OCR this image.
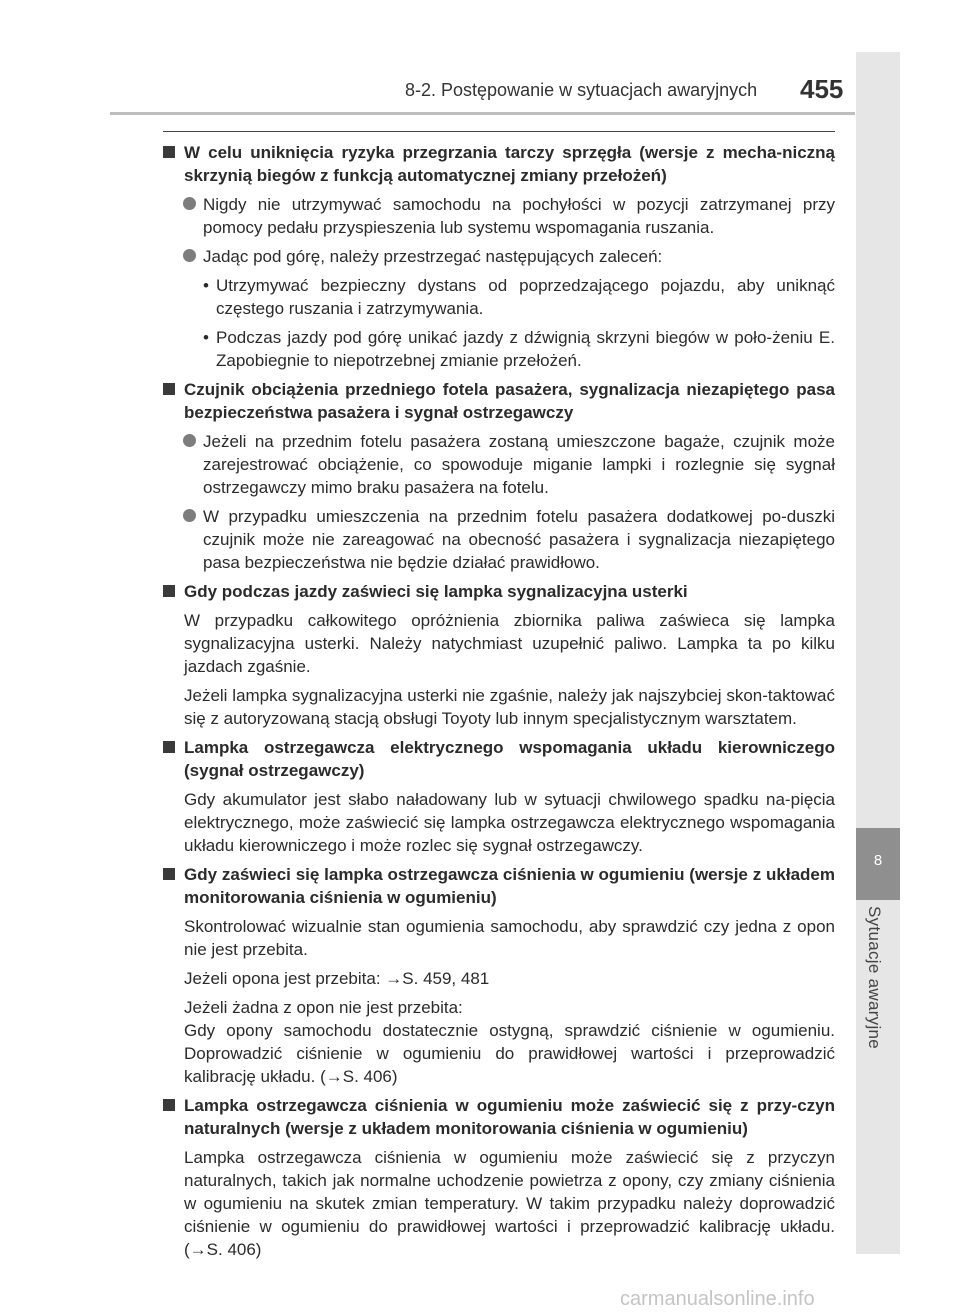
8-2. Postępowanie w sytuacjach awaryjnych 455
8
Sytuacje awaryjne
W celu uniknięcia ryzyka przegrzania tarczy sprzęgła (wersje z mecha-niczną skrzynią biegów z funkcją automatycznej zmiany przełożeń)
Nigdy nie utrzymywać samochodu na pochyłości w pozycji zatrzymanej przy pomocy pedału przyspieszenia lub systemu wspomagania ruszania.
Jadąc pod górę, należy przestrzegać następujących zaleceń:
• Utrzymywać bezpieczny dystans od poprzedzającego pojazdu, aby uniknąć częstego ruszania i zatrzymywania.
• Podczas jazdy pod górę unikać jazdy z dźwignią skrzyni biegów w poło-żeniu E. Zapobiegnie to niepotrzebnej zmianie przełożeń.
Czujnik obciążenia przedniego fotela pasażera, sygnalizacja niezapiętego pasa bezpieczeństwa pasażera i sygnał ostrzegawczy
Jeżeli na przednim fotelu pasażera zostaną umieszczone bagaże, czujnik może zarejestrować obciążenie, co spowoduje miganie lampki i rozlegnie się sygnał ostrzegawczy mimo braku pasażera na fotelu.
W przypadku umieszczenia na przednim fotelu pasażera dodatkowej po-duszki czujnik może nie zareagować na obecność pasażera i sygnalizacja niezapiętego pasa bezpieczeństwa nie będzie działać prawidłowo.
Gdy podczas jazdy zaświeci się lampka sygnalizacyjna usterki
W przypadku całkowitego opróżnienia zbiornika paliwa zaświeca się lampka sygnalizacyjna usterki. Należy natychmiast uzupełnić paliwo. Lampka ta po kilku jazdach zgaśnie.
Jeżeli lampka sygnalizacyjna usterki nie zgaśnie, należy jak najszybciej skon-taktować się z autoryzowaną stacją obsługi Toyoty lub innym specjalistycznym warsztatem.
Lampka ostrzegawcza elektrycznego wspomagania układu kierowniczego (sygnał ostrzegawczy)
Gdy akumulator jest słabo naładowany lub w sytuacji chwilowego spadku na-pięcia elektrycznego, może zaświecić się lampka ostrzegawcza elektrycznego wspomagania układu kierowniczego i może rozlec się sygnał ostrzegawczy.
Gdy zaświeci się lampka ostrzegawcza ciśnienia w ogumieniu (wersje z układem monitorowania ciśnienia w ogumieniu)
Skontrolować wizualnie stan ogumienia samochodu, aby sprawdzić czy jedna z opon nie jest przebita.
Jeżeli opona jest przebita: →S. 459, 481
Jeżeli żadna z opon nie jest przebita:
Gdy opony samochodu dostatecznie ostygną, sprawdzić ciśnienie w ogumieniu. Doprowadzić ciśnienie w ogumieniu do prawidłowej wartości i przeprowadzić kalibrację układu. (→S. 406)
Lampka ostrzegawcza ciśnienia w ogumieniu może zaświecić się z przy-czyn naturalnych (wersje z układem monitorowania ciśnienia w ogumieniu)
Lampka ostrzegawcza ciśnienia w ogumieniu może zaświecić się z przyczyn naturalnych, takich jak normalne uchodzenie powietrza z opony, czy zmiany ciśnienia w ogumieniu na skutek zmian temperatury. W takim przypadku należy doprowadzić ciśnienie w ogumieniu do prawidłowej wartości i przeprowadzić kalibrację układu. (→S. 406)
carmanualsonline.info
